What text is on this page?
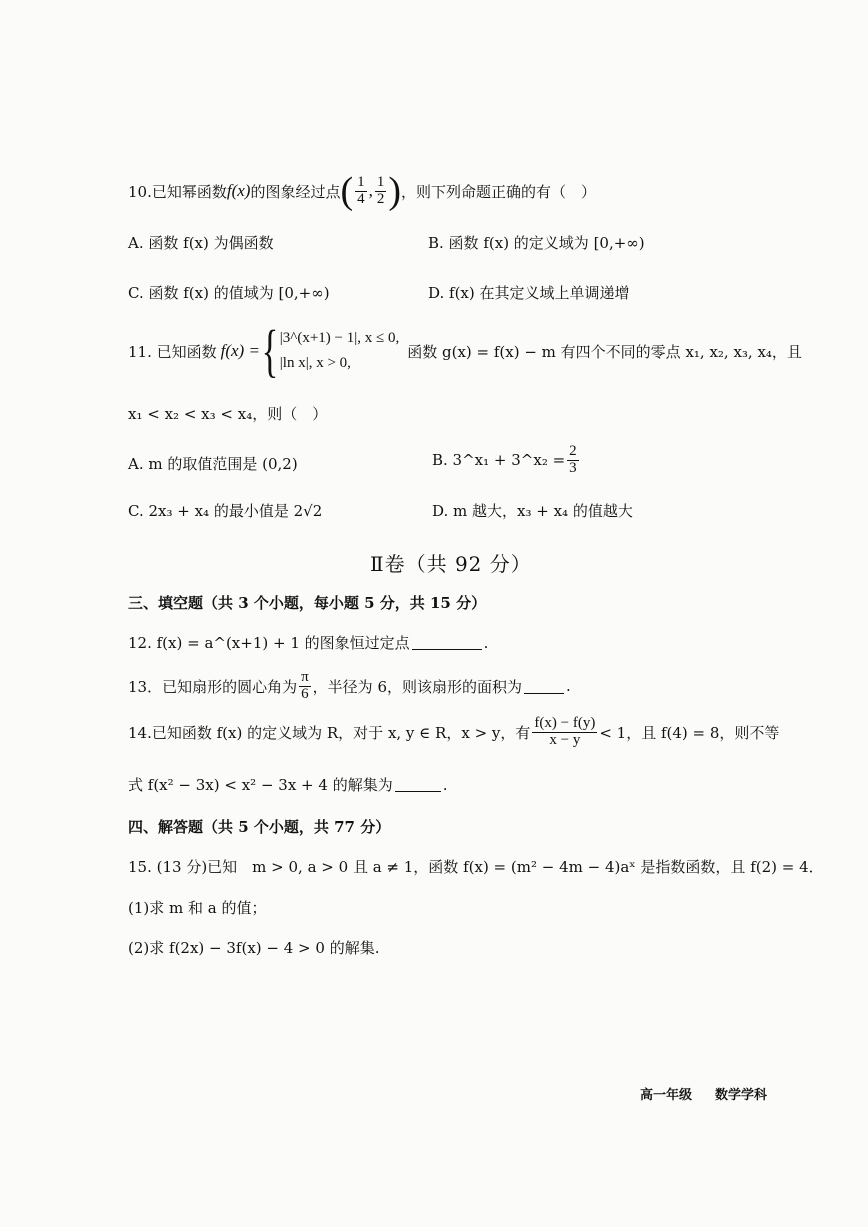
10.已知幂函数 f(x) 的图象经过点 ( $\frac{1}{4}$ , $\frac{1}{2}$ ) ，则下列命题正确的有（　）
A. 函数 f(x) 为偶函数	B. 函数 f(x) 的定义域为 [0,+∞)
C. 函数 f(x) 的值域为 [0,+∞)	D. f(x) 在其定义域上单调递增
11. 已知函数 f(x) = { |3^(x+1) − 1|, x ≤ 0,
|ln x|, x > 0,
函数 g(x) = f(x) − m 有四个不同的零点 x₁, x₂, x₃, x₄，且
x₁ < x₂ < x₃ < x₄，则（　）
A. m 的取值范围是 (0,2)	B. 3^x₁ + 3^x₂ = $\frac{2}{3}$
C. 2x₃ + x₄ 的最小值是 2√2	D. m 越大，x₃ + x₄ 的值越大
Ⅱ卷（共 92 分）
三、填空题（共 3 个小题，每小题 5 分，共 15 分）
12. f(x) = a^(x+1) + 1 的图象恒过定点	.
13．已知扇形的圆心角为 $\frac{\pi}{6}$ ，半径为 6，则该扇形的面积为	.
14.已知函数 f(x) 的定义域为 R，对于 x, y ∈ R，x > y，有 $\frac{f(x) - f(y)}{x - y} < 1$，且 f(4) = 8，则不等
式 f(x² − 3x) < x² − 3x + 4 的解集为	.
四、解答题（共 5 个小题，共 77 分）
15. (13 分)已知　m > 0, a > 0 且 a ≠ 1，函数 f(x) = (m² − 4m − 4)aˣ 是指数函数，且 f(2) = 4．
(1)求 m 和 a 的值；
(2)求 f(2x) − 3f(x) − 4 > 0 的解集.
高一年级 数学学科
